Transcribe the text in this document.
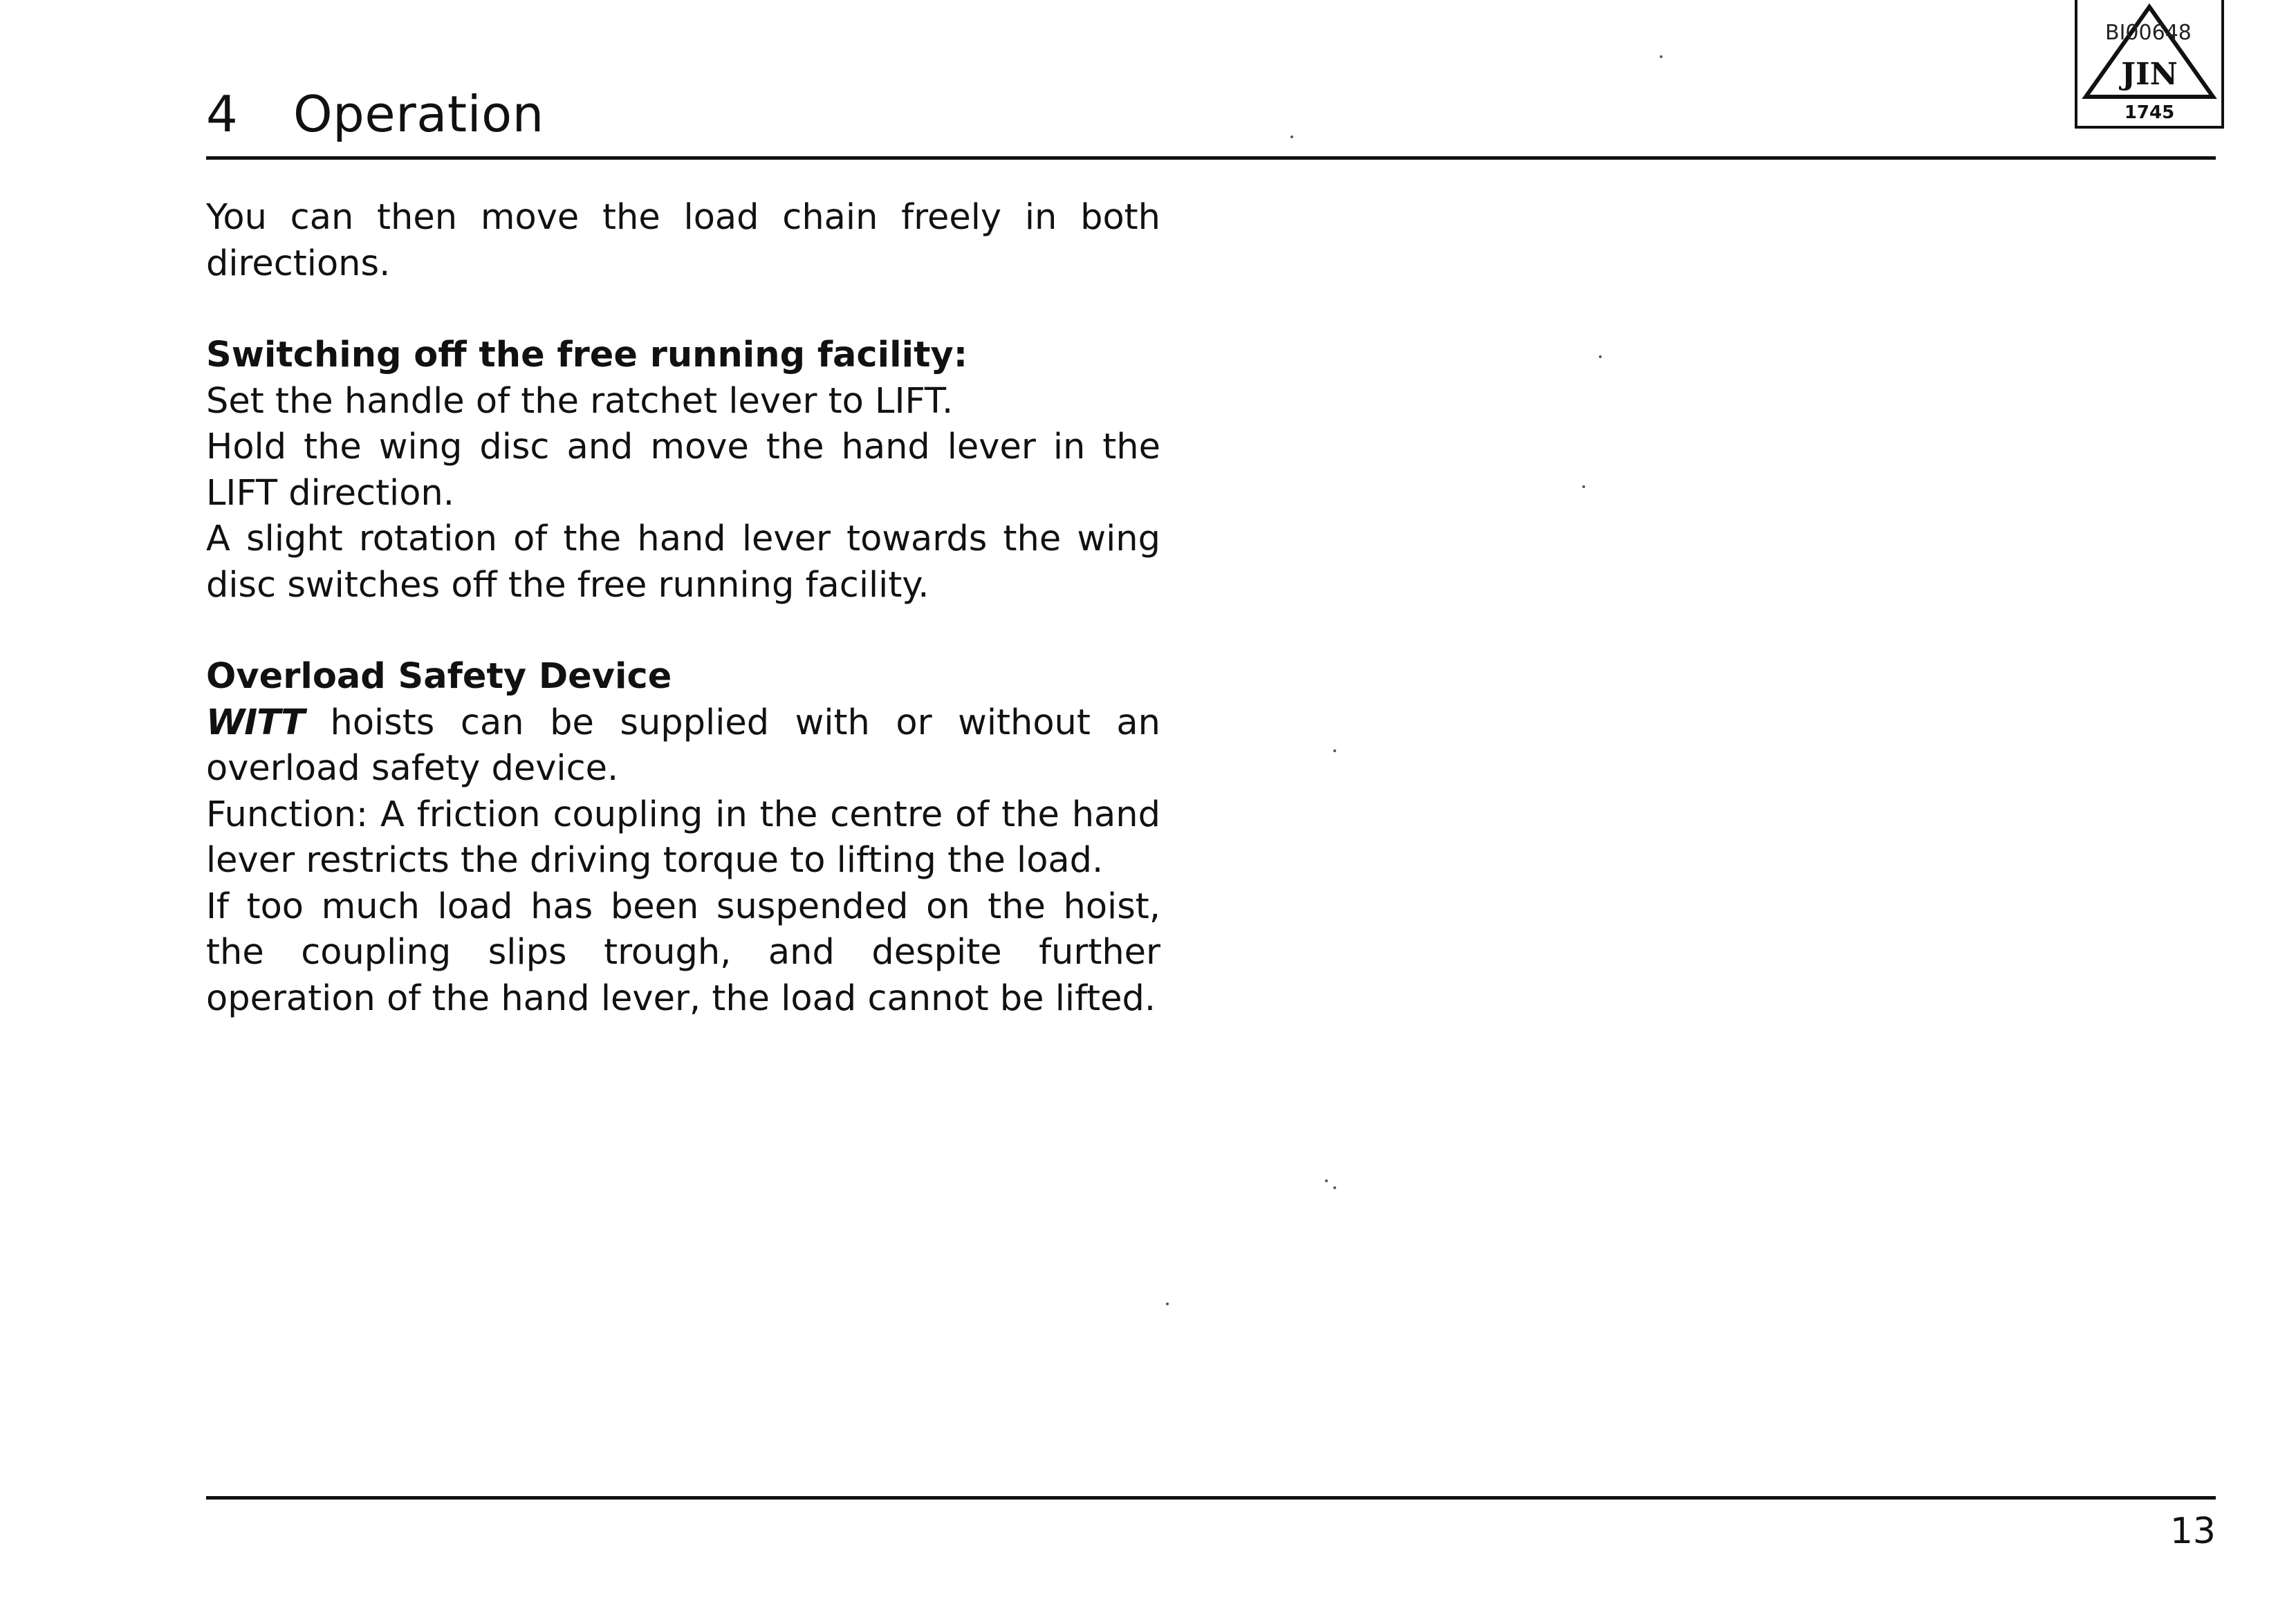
4 Operation
JIN
BI00648
1745

You can then move the load chain freely in both directions.

Switching off the free running facility:

Set the handle of the ratchet lever to LIFT.

Hold the wing disc and move the hand lever in the LIFT direction.

A slight rotation of the hand lever towards the wing disc switches off the free running facility.

Overload Safety Device

WITT hoists can be supplied with or without an overload safety device.

Function: A friction coupling in the centre of the hand lever restricts the driving torque to lifting the load.

If too much load has been suspended on the hoist, the coupling slips trough, and despite further operation of the hand lever, the load cannot be lifted.

13
